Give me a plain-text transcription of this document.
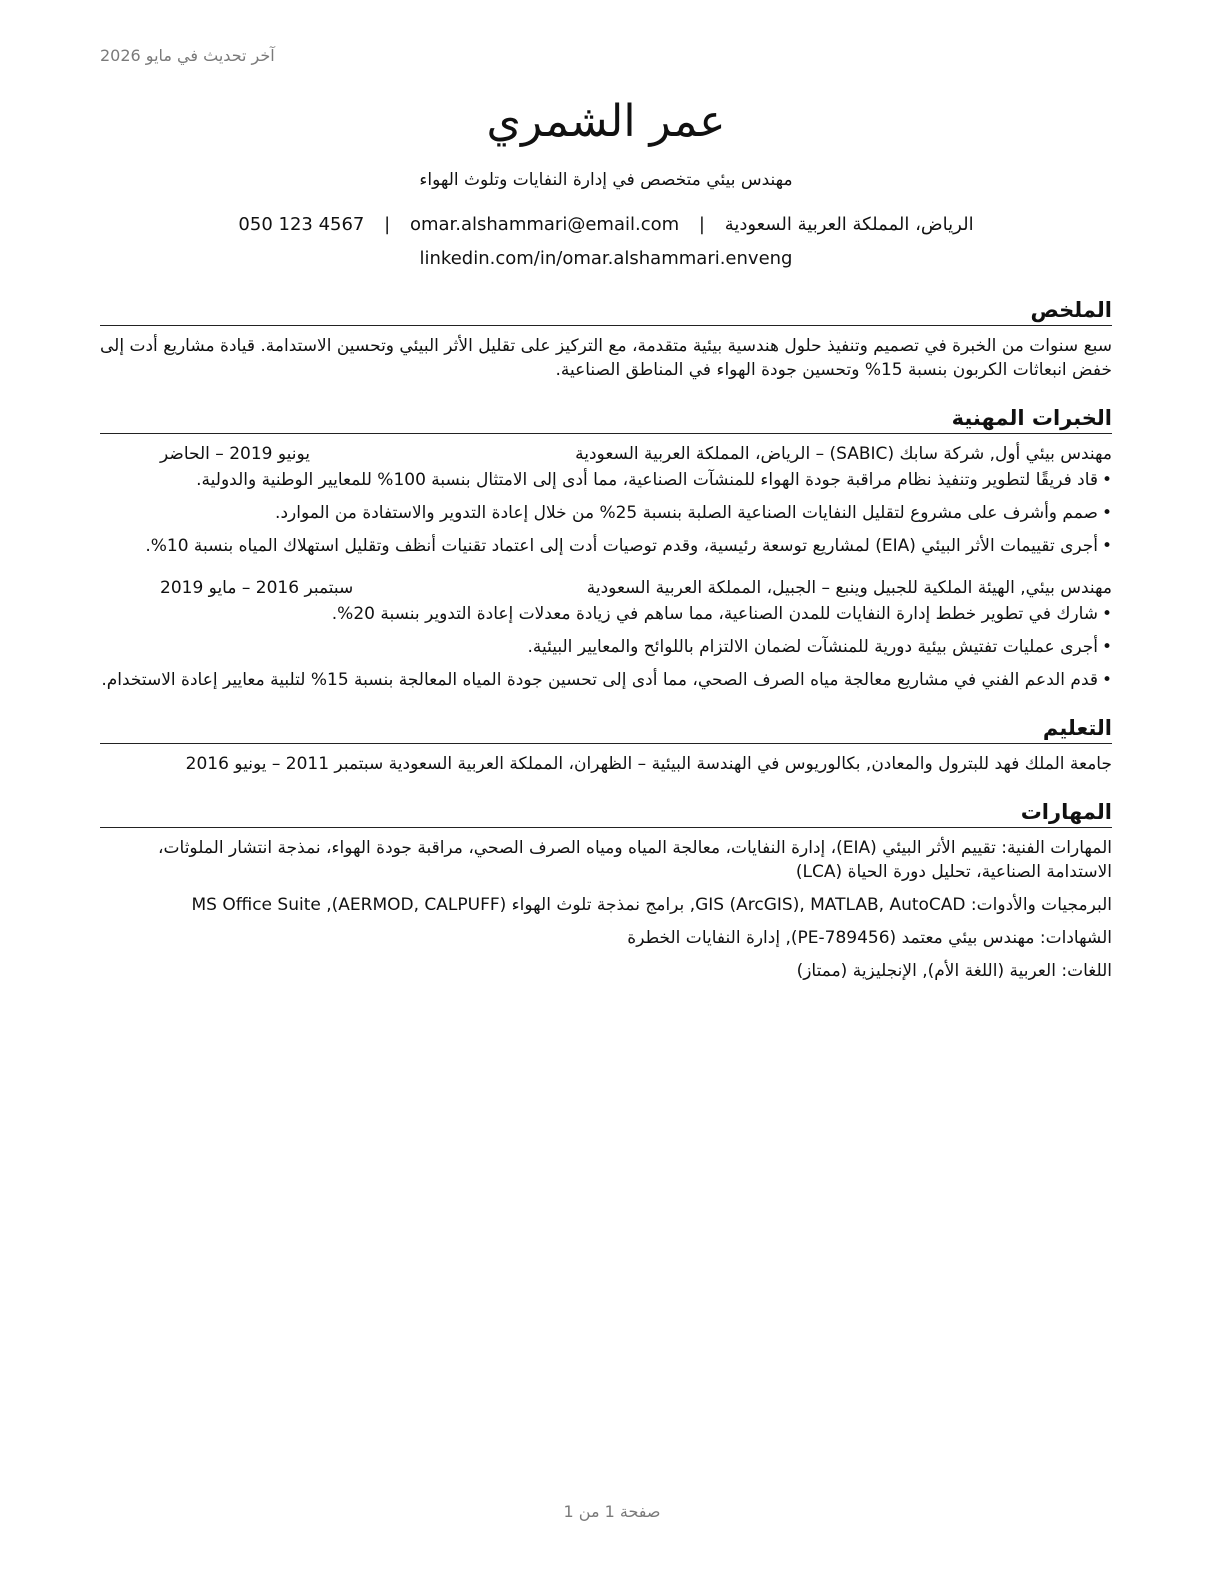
آخر تحديث في مايو 2026
عمر الشمري
مهندس بيئي متخصص في إدارة النفايات وتلوث الهواء
الرياض، المملكة العربية السعودية | omar.alshammari@email.com | 050 123 4567
linkedin.com/in/omar.alshammari.enveng
الملخص

سبع سنوات من الخبرة في تصميم وتنفيذ حلول هندسية بيئية متقدمة، مع التركيز على تقليل الأثر البيئي وتحسين الاستدامة. قيادة مشاريع أدت إلى خفض انبعاثات الكربون بنسبة 15% وتحسين جودة الهواء في المناطق الصناعية.

الخبرات المهنية
مهندس بيئي أول, شركة سابك (SABIC) – الرياض، المملكة العربية السعودية
يونيو 2019 – الحاضر
• قاد فريقًا لتطوير وتنفيذ نظام مراقبة جودة الهواء للمنشآت الصناعية، مما أدى إلى الامتثال بنسبة 100% للمعايير الوطنية والدولية.
• صمم وأشرف على مشروع لتقليل النفايات الصناعية الصلبة بنسبة 25% من خلال إعادة التدوير والاستفادة من الموارد.
• أجرى تقييمات الأثر البيئي (EIA) لمشاريع توسعة رئيسية، وقدم توصيات أدت إلى اعتماد تقنيات أنظف وتقليل استهلاك المياه بنسبة 10%.
مهندس بيئي, الهيئة الملكية للجبيل وينبع – الجبيل، المملكة العربية السعودية
سبتمبر 2016 – مايو 2019
• شارك في تطوير خطط إدارة النفايات للمدن الصناعية، مما ساهم في زيادة معدلات إعادة التدوير بنسبة 20%.
• أجرى عمليات تفتيش بيئية دورية للمنشآت لضمان الالتزام باللوائح والمعايير البيئية.
• قدم الدعم الفني في مشاريع معالجة مياه الصرف الصحي، مما أدى إلى تحسين جودة المياه المعالجة بنسبة 15% لتلبية معايير إعادة الاستخدام.
التعليم
جامعة الملك فهد للبترول والمعادن, بكالوريوس في الهندسة البيئية – الظهران، المملكة العربية السعودية سبتمبر 2011 – يونيو 2016
المهارات
المهارات الفنية: تقييم الأثر البيئي (EIA)، إدارة النفايات، معالجة المياه ومياه الصرف الصحي، مراقبة جودة الهواء، نمذجة انتشار الملوثات، الاستدامة الصناعية، تحليل دورة الحياة (LCA)
البرمجيات والأدوات: GIS (ArcGIS), MATLAB, AutoCAD, برامج نمذجة تلوث الهواء (AERMOD, CALPUFF), MS Office Suite
الشهادات: مهندس بيئي معتمد (PE-789456), إدارة النفايات الخطرة
اللغات: العربية (اللغة الأم), الإنجليزية (ممتاز)
صفحة 1 من 1
